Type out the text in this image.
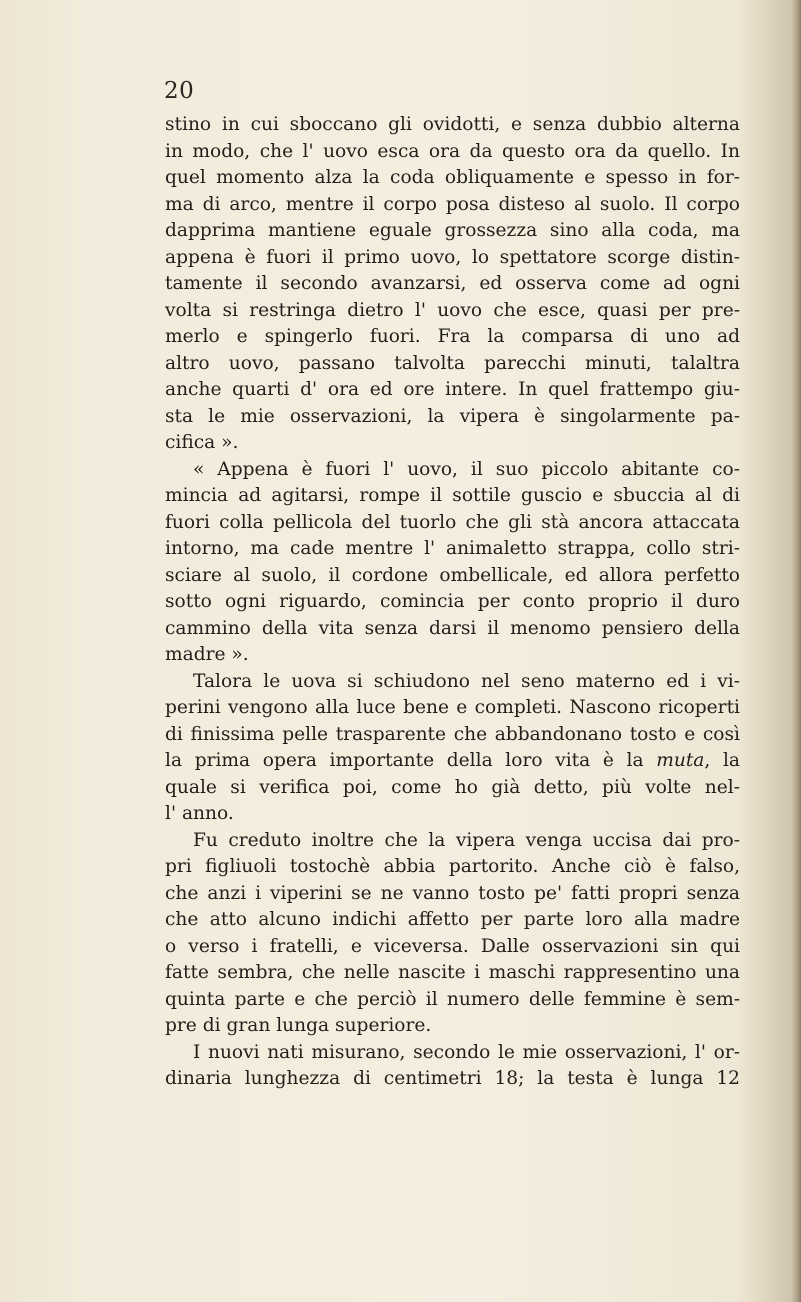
20
stino in cui sboccano gli ovidotti, e senza dubbio alterna
in modo, che l' uovo esca ora da questo ora da quello. In
quel momento alza la coda obliquamente e spesso in for-
ma di arco, mentre il corpo posa disteso al suolo. Il corpo
dapprima mantiene eguale grossezza sino alla coda, ma
appena è fuori il primo uovo, lo spettatore scorge distin-
tamente il secondo avanzarsi, ed osserva come ad ogni
volta si restringa dietro l' uovo che esce, quasi per pre-
merlo e spingerlo fuori. Fra la comparsa di uno ad
altro uovo, passano talvolta parecchi minuti, talaltra
anche quarti d' ora ed ore intere. In quel frattempo giu-
sta le mie osservazioni, la vipera è singolarmente pa-
cifica ».
« Appena è fuori l' uovo, il suo piccolo abitante co-
mincia ad agitarsi, rompe il sottile guscio e sbuccia al di
fuori colla pellicola del tuorlo che gli stà ancora attaccata
intorno, ma cade mentre l' animaletto strappa, collo stri-
sciare al suolo, il cordone ombellicale, ed allora perfetto
sotto ogni riguardo, comincia per conto proprio il duro
cammino della vita senza darsi il menomo pensiero della
madre ».
Talora le uova si schiudono nel seno materno ed i vi-
perini vengono alla luce bene e completi. Nascono ricoperti
di finissima pelle trasparente che abbandonano tosto e così
la prima opera importante della loro vita è la muta, la
quale si verifica poi, come ho già detto, più volte nel-
l' anno.
Fu creduto inoltre che la vipera venga uccisa dai pro-
pri figliuoli tostochè abbia partorito. Anche ciò è falso,
che anzi i viperini se ne vanno tosto pe' fatti propri senza
che atto alcuno indichi affetto per parte loro alla madre
o verso i fratelli, e viceversa. Dalle osservazioni sin qui
fatte sembra, che nelle nascite i maschi rappresentino una
quinta parte e che perciò il numero delle femmine è sem-
pre di gran lunga superiore.
I nuovi nati misurano, secondo le mie osservazioni, l' or-
dinaria lunghezza di centimetri 18; la testa è lunga 12
